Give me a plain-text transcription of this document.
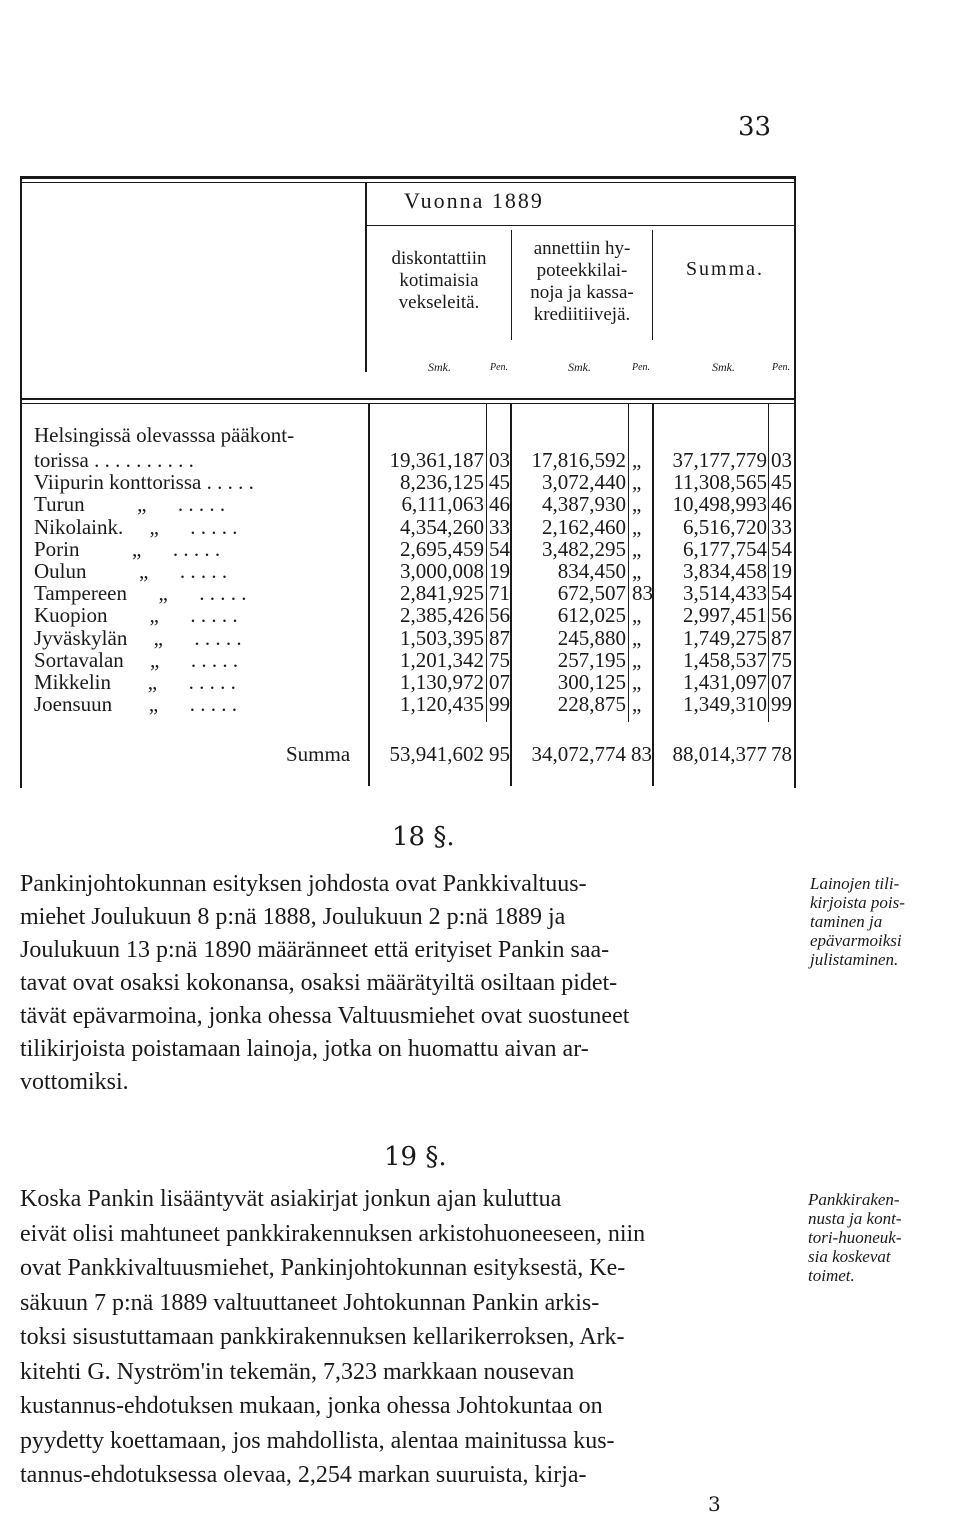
33
Vuonna 1889
diskontattiin
kotimaisia
vekseleitä.
annettiin hy-
poteekkilai-
noja ja kassa-
krediitiivejä.
Summa.
Smk.	Pen.	Smk.	Pen.	Smk.	Pen.
Helsingissä olevasssa pääkont-
torissa . . . . . . . . . .	19,361,187 03	17,816,592 „	37,177,779 03
Viipurin konttorissa . . . . .	8,236,125 45	3,072,440 „	11,308,565 45
Turun          „      . . . . .	6,111,063 46	4,387,930 „	10,498,993 46
Nikolaink.     „      . . . . .	4,354,260 33	2,162,460 „	6,516,720 33
Porin          „      . . . . .	2,695,459 54	3,482,295 „	6,177,754 54
Oulun          „      . . . . .	3,000,008 19	834,450 „	3,834,458 19
Tampereen      „      . . . . .	2,841,925 71	672,507 83	3,514,433 54
Kuopion        „      . . . . .	2,385,426 56	612,025 „	2,997,451 56
Jyväskylän     „      . . . . .	1,503,395 87	245,880 „	1,749,275 87
Sortavalan     „      . . . . .	1,201,342 75	257,195 „	1,458,537 75
Mikkelin       „      . . . . .	1,130,972 07	300,125 „	1,431,097 07
Joensuun       „      . . . . .	1,120,435 99	228,875 „	1,349,310 99
Summa	53,941,602 95	34,072,774 83 88,014,377 78
18 §.
Pankinjohtokunnan esityksen johdosta ovat Pankkivaltuus-
miehet Joulukuun 8 p:nä 1888, Joulukuun 2 p:nä 1889 ja
Joulukuun 13 p:nä 1890 määränneet että erityiset Pankin saa-
tavat ovat osaksi kokonansa, osaksi määrätyiltä osiltaan pidet-
tävät epävarmoina, jonka ohessa Valtuusmiehet ovat suostuneet
tilikirjoista poistamaan lainoja, jotka on huomattu aivan ar-
vottomiksi.
Lainojen tili-
kirjoista pois-
taminen ja
epävarmoiksi
julistaminen.
19 §.
Koska Pankin lisääntyvät asiakirjat jonkun ajan kuluttua
eivät olisi mahtuneet pankkirakennuksen arkistohuoneeseen, niin
ovat Pankkivaltuusmiehet, Pankinjohtokunnan esityksestä, Ke-
säkuun 7 p:nä 1889 valtuuttaneet Johtokunnan Pankin arkis-
toksi sisustuttamaan pankkirakennuksen kellarikerroksen, Ark-
kitehti G. Nyström'in tekemän, 7,323 markkaan nousevan
kustannus-ehdotuksen mukaan, jonka ohessa Johtokuntaa on
pyydetty koettamaan, jos mahdollista, alentaa mainitussa kus-
tannus-ehdotuksessa olevaa, 2,254 markan suuruista, kirja-
Pankkiraken-
nusta ja kont-
tori-huoneuk-
sia koskevat
toimet.
3
